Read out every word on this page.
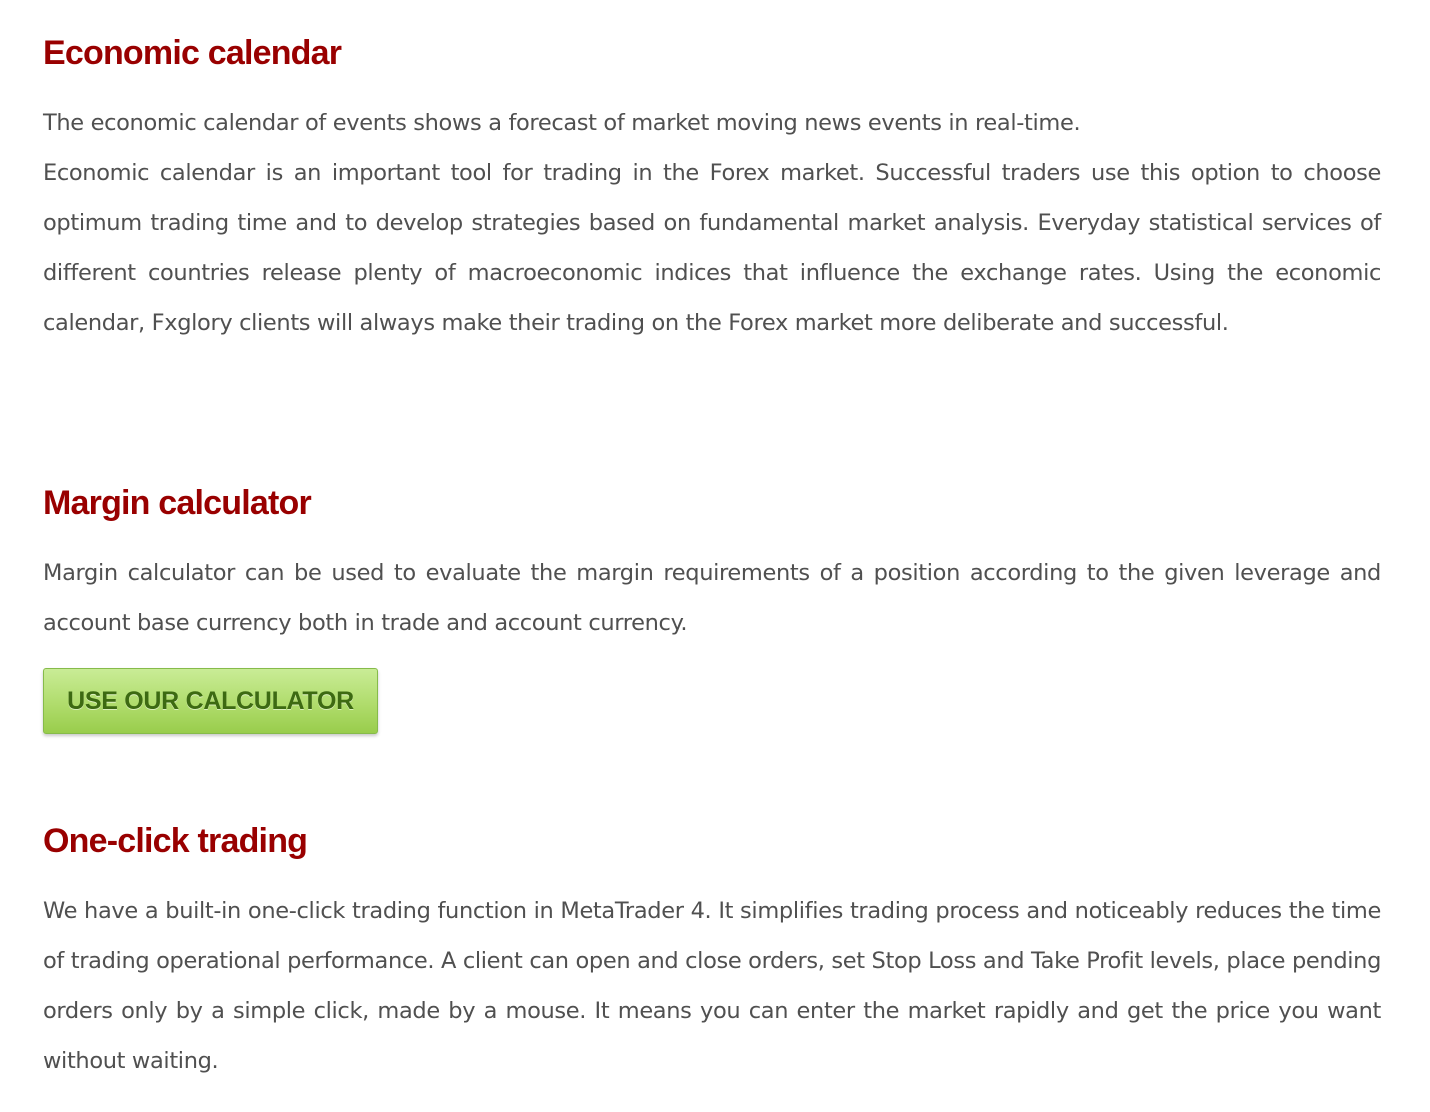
Economic calendar

The economic calendar of events shows a forecast of market moving news events in real-time.

Economic calendar is an important tool for trading in the Forex market. Successful traders use this option to choose optimum trading time and to develop strategies based on fundamental market analysis. Everyday statistical services of different countries release plenty of macroeconomic indices that influence the exchange rates. Using the economic calendar, Fxglory clients will always make their trading on the Forex market more deliberate and successful.

Margin calculator

Margin calculator can be used to evaluate the margin requirements of a position according to the given leverage and account base currency both in trade and account currency.

USE OUR CALCULATOR
One-click trading

We have a built-in one-click trading function in MetaTrader 4. It simplifies trading process and noticeably reduces the time of trading operational performance. A client can open and close orders, set Stop Loss and Take Profit levels, place pending orders only by a simple click, made by a mouse. It means you can enter the market rapidly and get the price you want without waiting.
